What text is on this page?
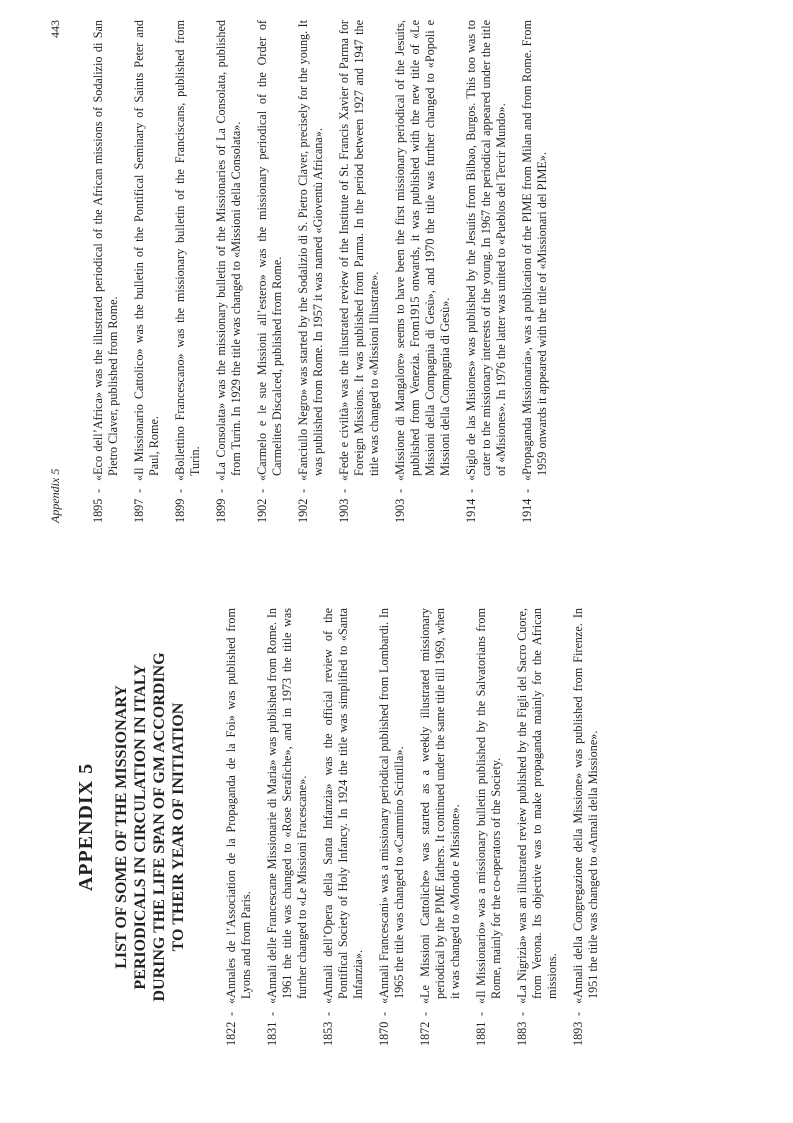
APPENDIX 5 LIST OF SOME OF THE MISSIONARY PERIODICALS IN CIRCULATION IN ITALY DURING THE LIFE SPAN OF GM ACCORDING TO THEIR YEAR OF INITIATION
1822-«Annales de l’Association de la Propaganda de la Foi» was published from Lyons and from Paris.
1831-«Annali delle Francescane Missionarie di Maria» was published from Rome. In 1961 the title was changed to «Rose Serafiche», and in 1973 the title was further changed to «Le Missioni Fracescane».
1853-«Annali dell’Opera della Santa Infanzia» was the official review of the Pontifical Society of Holy Infancy. In 1924 the title was simplified to «Santa Infanzia».
1870-«Annali Francescani» was a missionary periodical published from Lombardi. In 1965 the title was changed to «Cammino Scintilla».
1872-«Le Missioni Cattoliche» was started as a weekly illustrated missionary periodical by the PIME fathers. It continued under the same title till 1969, when it was changed to «Mondo e Missione».
1881-«Il Missionario» was a missionary bulletin published by the Salvatorians from Rome, mainly for the co-operators of the Society.
1883-«La Nigrizia» was an illustrated review published by the Figli del Sacro Cuore, from Verona. Its objective was to make propaganda mainly for the African missions.
1893-«Annali della Congregazione della Missione» was published from Firenze. In 1951 the title was changed to «Annali della Missione».
Appendix 5
443
1895-«Eco dell’Africa» was the illustrated periodical of the African missions of Sodalizio di San Pietro Claver, published from Rome.
1897-«Il Missionario Cattolico» was the bulletin of the Pontifical Seminary of Saints Peter and Paul, Rome.
1899-«Bollettino Francescano» was the missionary bulletin of the Franciscans, published from Turin.
1899-«La Consolata» was the missionary bulletin of the Missionaries of La Consolata, published from Turin. In 1929 the title was changed to «Missioni della Consolata».
1902-«Carmelo e le sue Missioni all’estero» was the missionary periodical of the Order of Carmelites Discalced, published from Rome.
1902-«Fanciullo Negro» was started by the Sodalizio di S. Pietro Claver, precisely for the young. It was published from Rome. In 1957 it was named «Gioventù Africana».
1903-«Fede e civiltà» was the illustrated review of the Institute of St. Francis Xavier of Parma for Foreign Missions. It was published from Parma. In the period between 1927 and 1947 the title was changed to «Missioni Illustrate».
1903-«Missione di Mangalore» seems to have been the first missionary periodical of the Jesuits, published from Venezia. From1915 onwards, it was published with the new title of «Le Missioni della Compagnia di Gesù», and 1970 the title was further changed to «Popoli e Missioni della Compagnia di Gesù».
1914-«Siglo de las Misiones» was published by the Jesuits from Bilbao, Burgos. This too was to cater to the missionary interests of the young. In 1967 the periodical appeared under the title of «Misiones». In 1976 the latter was united to «Pueblos del Tercir Mundo».
1914-«Propaganda Missionaria», was a publication of the PIME from Milan and from Rome. From 1959 onwards it appeared with the title of «Missionari del PIME».
